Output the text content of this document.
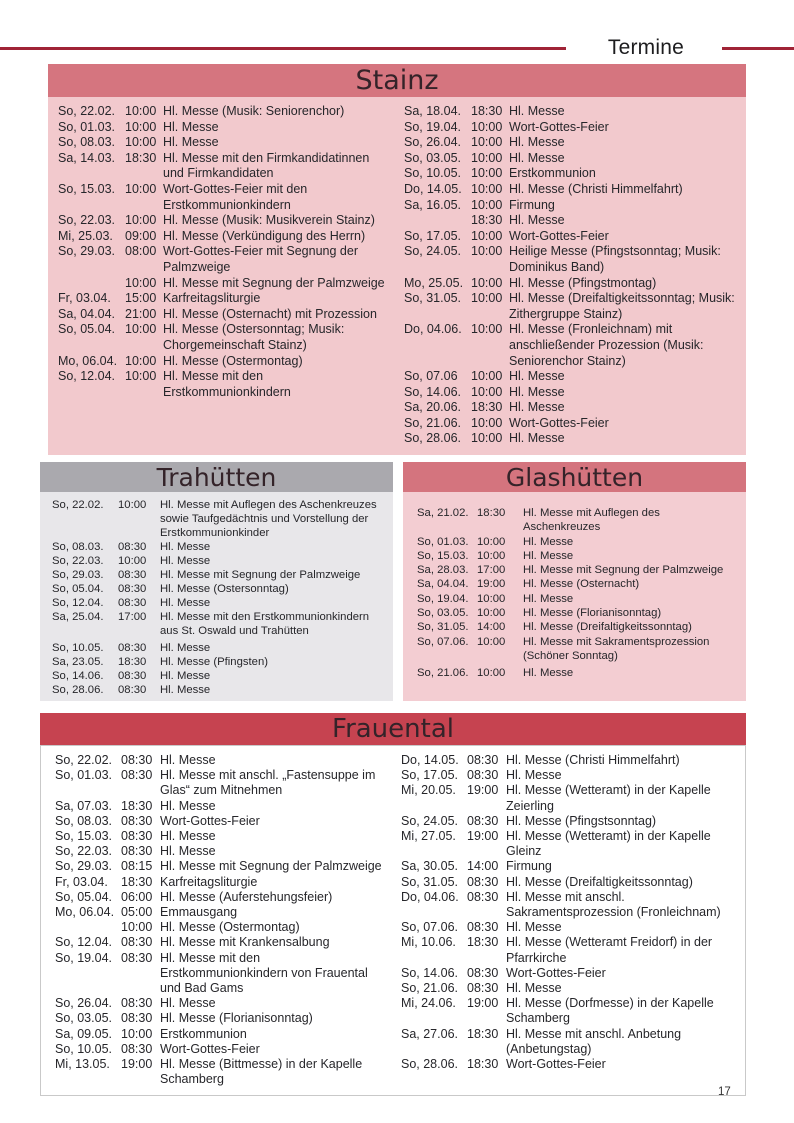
Termine
Stainz
So, 22.02. 10:00 Hl. Messe (Musik: Seniorenchor)
So, 01.03. 10:00 Hl. Messe
So, 08.03. 10:00 Hl. Messe
Sa, 14.03. 18:30 Hl. Messe mit den Firmkandidatinnen und Firmkandidaten
So, 15.03. 10:00 Wort-Gottes-Feier mit den Erstkommunionkindern
So, 22.03. 10:00 Hl. Messe (Musik: Musikverein Stainz)
Mi, 25.03. 09:00 Hl. Messe (Verkündigung des Herrn)
So, 29.03. 08:00 Wort-Gottes-Feier mit Segnung der Palmzweige
10:00 Hl. Messe mit Segnung der Palmzweige
Fr, 03.04.	15:00 Karfreitagsliturgie
Sa, 04.04. 21:00 Hl. Messe (Osternacht) mit Prozession
So, 05.04. 10:00 Hl. Messe (Ostersonntag; Musik: Chorgemeinschaft Stainz)
Mo, 06.04. 10:00 Hl. Messe (Ostermontag)
So, 12.04. 10:00 Hl. Messe mit den Erstkommunionkindern
Sa, 18.04. 18:30 Hl. Messe
So, 19.04. 10:00 Wort-Gottes-Feier
So, 26.04. 10:00 Hl. Messe
So, 03.05. 10:00 Hl. Messe
So, 10.05. 10:00 Erstkommunion
Do, 14.05. 10:00 Hl. Messe (Christi Himmelfahrt)
Sa, 16.05. 10:00 Firmung
18:30 Hl. Messe
So, 17.05. 10:00 Wort-Gottes-Feier
So, 24.05. 10:00 Heilige Messe (Pfingstsonntag; Musik: Dominikus Band)
Mo, 25.05. 10:00 Hl. Messe (Pfingstmontag)
So, 31.05. 10:00 Hl. Messe (Dreifaltigkeitssonntag; Musik: Zithergruppe Stainz)
Do, 04.06. 10:00 Hl. Messe (Fronleichnam) mit anschließender Prozession (Musik: Seniorenchor Stainz)
So, 07.06	10:00 Hl. Messe
So, 14.06. 10:00 Hl. Messe
Sa, 20.06. 18:30 Hl. Messe
So, 21.06. 10:00 Wort-Gottes-Feier
So, 28.06. 10:00 Hl. Messe
Trahütten
So, 22.02.	10:00	Hl. Messe mit Auflegen des Aschenkreuzes sowie Taufgedächtnis und Vorstellung der Erstkommunionkinder
So, 08.03.	08:30	Hl. Messe
So, 22.03.	10:00	Hl. Messe
So, 29.03.	08:30	Hl. Messe mit Segnung der Palmzweige
So, 05.04.	08:30	Hl. Messe (Ostersonntag)
So, 12.04.	08:30	Hl. Messe
Sa, 25.04.	17:00	Hl. Messe mit den Erstkommunionkindern aus St. Oswald und Trahütten
So, 10.05.	08:30	Hl. Messe
Sa, 23.05.	18:30	Hl. Messe (Pfingsten)
So, 14.06.	08:30	Hl. Messe
So, 28.06.	08:30	Hl. Messe
Glashütten
Sa, 21.02. 18:30	Hl. Messe mit Auflegen des Aschenkreuzes
So, 01.03. 10:00	Hl. Messe
So, 15.03. 10:00	Hl. Messe
Sa, 28.03. 17:00	Hl. Messe mit Segnung der Palmzweige
Sa, 04.04. 19:00	Hl. Messe (Osternacht)
So, 19.04. 10:00	Hl. Messe
So, 03.05. 10:00	Hl. Messe (Florianisonntag)
So, 31.05. 14:00	Hl. Messe (Dreifaltigkeitssonntag)
So, 07.06. 10:00	Hl. Messe mit Sakramentsprozession (Schöner Sonntag)
So, 21.06. 10:00	Hl. Messe
Frauental
So, 22.02. 08:30 Hl. Messe
So, 01.03. 08:30 Hl. Messe mit anschl. „Fastensuppe im Glas“ zum Mitnehmen
Sa, 07.03. 18:30 Hl. Messe
So, 08.03. 08:30 Wort-Gottes-Feier
So, 15.03. 08:30 Hl. Messe
So, 22.03. 08:30 Hl. Messe
So, 29.03. 08:15 Hl. Messe mit Segnung der Palmzweige
Fr, 03.04.	18:30 Karfreitagsliturgie
So, 05.04. 06:00 Hl. Messe (Auferstehungsfeier)
Mo, 06.04. 05:00 Emmausgang
10:00 Hl. Messe (Ostermontag)
So, 12.04. 08:30 Hl. Messe mit Krankensalbung
So, 19.04. 08:30 Hl. Messe mit den Erstkommunionkindern von Frauental und Bad Gams
So, 26.04. 08:30 Hl. Messe
So, 03.05. 08:30 Hl. Messe (Florianisonntag)
Sa, 09.05. 10:00 Erstkommunion
So, 10.05. 08:30 Wort-Gottes-Feier
Mi, 13.05. 19:00 Hl. Messe (Bittmesse) in der Kapelle Schamberg
Do, 14.05. 08:30 Hl. Messe (Christi Himmelfahrt)
So, 17.05. 08:30 Hl. Messe
Mi, 20.05. 19:00 Hl. Messe (Wetteramt) in der Kapelle Zeierling
So, 24.05. 08:30 Hl. Messe (Pfingstsonntag)
Mi, 27.05. 19:00 Hl. Messe (Wetteramt) in der Kapelle Gleinz
Sa, 30.05. 14:00 Firmung
So, 31.05. 08:30 Hl. Messe (Dreifaltigkeitssonntag)
Do, 04.06. 08:30 Hl. Messe mit anschl. Sakramentsprozession (Fronleichnam)
So, 07.06. 08:30 Hl. Messe
Mi, 10.06. 18:30 Hl. Messe (Wetteramt Freidorf) in der Pfarrkirche
So, 14.06. 08:30 Wort-Gottes-Feier
So, 21.06. 08:30 Hl. Messe
Mi, 24.06. 19:00 Hl. Messe (Dorfmesse) in der Kapelle Schamberg
Sa, 27.06. 18:30 Hl. Messe mit anschl. Anbetung (Anbetungstag)
So, 28.06. 18:30 Wort-Gottes-Feier
17
